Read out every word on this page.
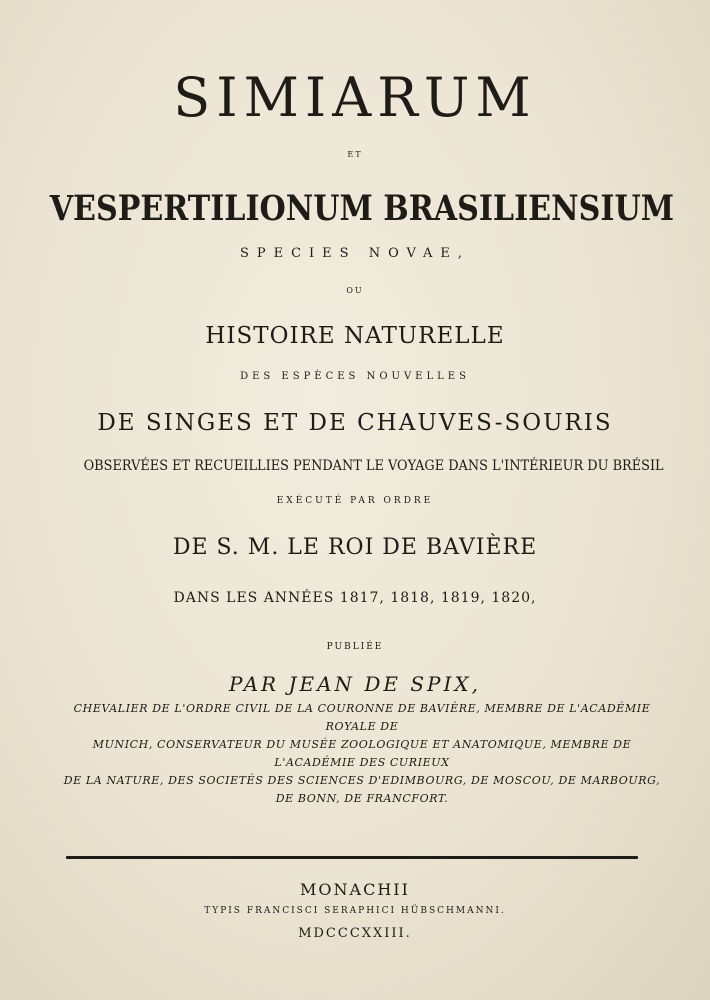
SIMIARUM
ET
VESPERTILIONUM BRASILIENSIUM
SPECIES NOVAE,
OU
HISTOIRE NATURELLE
DES ESPÈCES NOUVELLES
DE SINGES ET DE CHAUVES-SOURIS
OBSERVÉES ET RECUEILLIES PENDANT LE VOYAGE DANS L'INTÉRIEUR DU BRÉSIL
EXÉCUTÉ PAR ORDRE
DE S. M. LE ROI DE BAVIÈRE
DANS LES ANNÉES 1817, 1818, 1819, 1820,
PUBLIÉE
PAR JEAN DE SPIX,
CHEVALIER DE L'ORDRE CIVIL DE LA COURONNE DE BAVIÈRE, MEMBRE DE L'ACADÉMIE ROYALE DE
MUNICH, CONSERVATEUR DU MUSÉE ZOOLOGIQUE ET ANATOMIQUE, MEMBRE DE L'ACADÉMIE DES CURIEUX
DE LA NATURE, DES SOCIETÉS DES SCIENCES D'EDIMBOURG, DE MOSCOU, DE MARBOURG,
DE BONN, DE FRANCFORT.
MONACHII
TYPIS FRANCISCI SERAPHICI HÜBSCHMANNI.
MDCCCXXIII.
